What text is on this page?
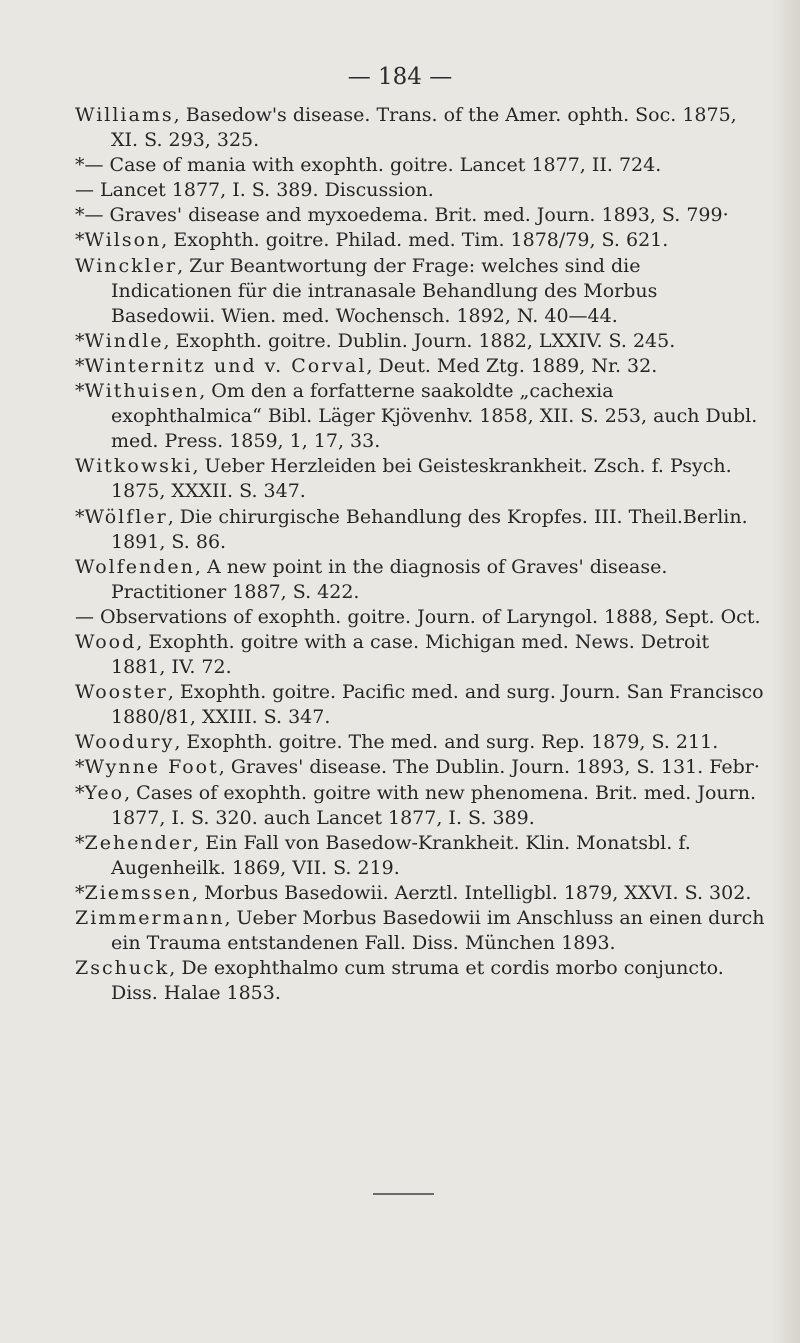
— 184 —
Williams, Basedow's disease. Trans. of the Amer. ophth. Soc. 1875, XI. S. 293, 325.
*— Case of mania with exophth. goitre. Lancet 1877, II. 724.
— Lancet 1877, I. S. 389. Discussion.
*— Graves' disease and myxoedema. Brit. med. Journ. 1893, S. 799·
*Wilson, Exophth. goitre. Philad. med. Tim. 1878/79, S. 621.
Winckler, Zur Beantwortung der Frage: welches sind die Indicationen für die intranasale Behandlung des Morbus Basedowii. Wien. med. Wochensch. 1892, N. 40—44.
*Windle, Exophth. goitre. Dublin. Journ. 1882, LXXIV. S. 245.
*Winternitz und v. Corval, Deut. Med Ztg. 1889, Nr. 32.
*Withuisen, Om den a forfatterne saakoldte „cachexia exophthalmica“ Bibl. Läger Kjövenhv. 1858, XII. S. 253, auch Dubl. med. Press. 1859, 1, 17, 33.
Witkowski, Ueber Herzleiden bei Geisteskrankheit. Zsch. f. Psych. 1875, XXXII. S. 347.
*Wölfler, Die chirurgische Behandlung des Kropfes. III. Theil.Berlin. 1891, S. 86.
Wolfenden, A new point in the diagnosis of Graves' disease. Practitioner 1887, S. 422.
— Observations of exophth. goitre. Journ. of Laryngol. 1888, Sept. Oct.
Wood, Exophth. goitre with a case. Michigan med. News. Detroit 1881, IV. 72.
Wooster, Exophth. goitre. Pacific med. and surg. Journ. San Francisco 1880/81, XXIII. S. 347.
Woodury, Exophth. goitre. The med. and surg. Rep. 1879, S. 211.
*Wynne Foot, Graves' disease. The Dublin. Journ. 1893, S. 131. Febr·
*Yeo, Cases of exophth. goitre with new phenomena. Brit. med. Journ. 1877, I. S. 320. auch Lancet 1877, I. S. 389.
*Zehender, Ein Fall von Basedow-Krankheit. Klin. Monatsbl. f. Augenheilk. 1869, VII. S. 219.
*Ziemssen, Morbus Basedowii. Aerztl. Intelligbl. 1879, XXVI. S. 302.
Zimmermann, Ueber Morbus Basedowii im Anschluss an einen durch ein Trauma entstandenen Fall. Diss. München 1893.
Zschuck, De exophthalmo cum struma et cordis morbo conjuncto. Diss. Halae 1853.
